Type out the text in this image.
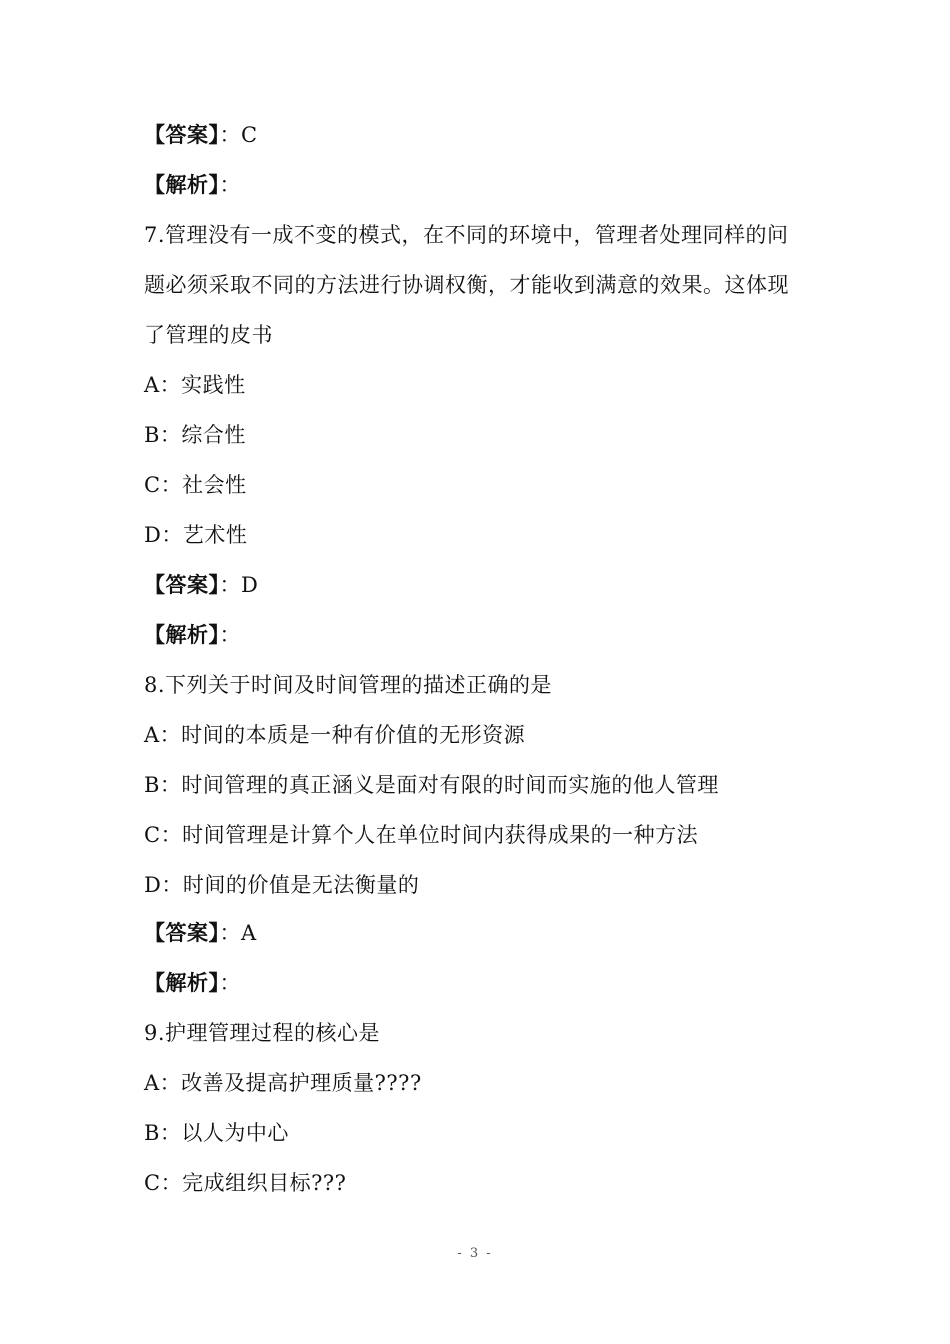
【答案】：C
【解析】：
7.管理没有一成不变的模式，在不同的环境中，管理者处理同样的问
题必须采取不同的方法进行协调权衡，才能收到满意的效果。这体现
了管理的皮书
A：实践性
B：综合性
C：社会性
D：艺术性
【答案】：D
【解析】：
8.下列关于时间及时间管理的描述正确的是
A：时间的本质是一种有价值的无形资源
B：时间管理的真正涵义是面对有限的时间而实施的他人管理
C：时间管理是计算个人在单位时间内获得成果的一种方法
D：时间的价值是无法衡量的
【答案】：A
【解析】：
9.护理管理过程的核心是
A：改善及提高护理质量????
B：以人为中心
C：完成组织目标???
- 3 -
